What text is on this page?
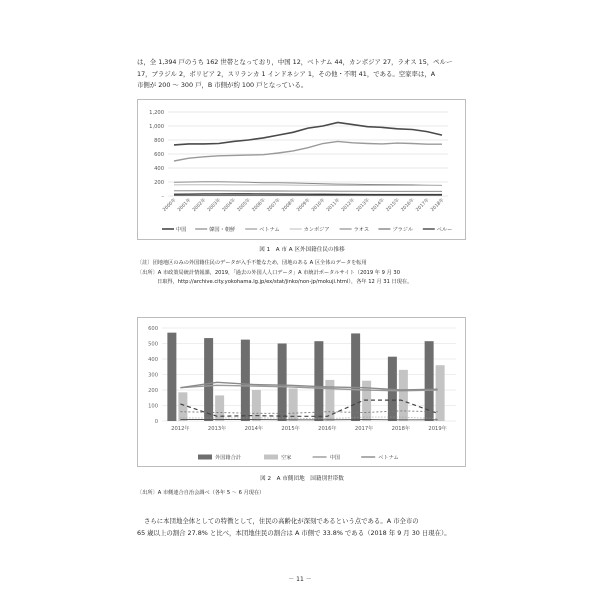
は，全 1,394 戸のうち 162 世帯となっており，中国 12，ベトナム 44，カンボジア 27，ラオス 15，ペルー
17，ブラジル 2，ボリビア 2，スリランカ 1 インドネシア 1，その他・不明 41，である。空家率は，A
市側が 200 ～ 300 戸，B 市側が約 100 戸となっている。
–
200
400
600
800
1,000
1,200
2000年 2001年 2002年 2003年 2004年 2005年 2006年 2007年 2008年 2009年 2010年 2011年 2012年 2013年 2014年 2015年 2016年 2017年 2018年
中国	韓国・朝鮮	ベトナム	カンボジア	ラオス	ブラジル	ペルー
図 1　A 市 A 区外国籍住民の推移
〔註〕団地地区のみの外国籍住民のデータが入手不能なため，団地のある A 区全体のデータを転用
〔出所〕A 市政策局統計情報課，2019，「過去の外国人人口データ」A 市統計ポータルサイト（2019 年 9 月 30
日取得，http://archive.city.yokohama.lg.jp/ex/stat/jinko/non-jp/mokuji.html），各年 12 月 31 日現在。
0
100
200
300
400
500
600
2012年	2013年	2014年	2015年	2016年	2017年	2018年	2019年
外国籍合計	空家	中国	ベトナム
図 2　A 市側団地　国籍別世帯数
〔出所〕A 市側連合自治会調べ（各年 5 ～ 6 月現在）
さらに本団地全体としての特徴として，住民の高齢化が深刻であるという点である。A 市全市の
65 歳以上の割合 27.8% と比べ，本団地住民の割合は A 市側で 33.8% である（2018 年 9 月 30 日現在）。
－ 11 －
